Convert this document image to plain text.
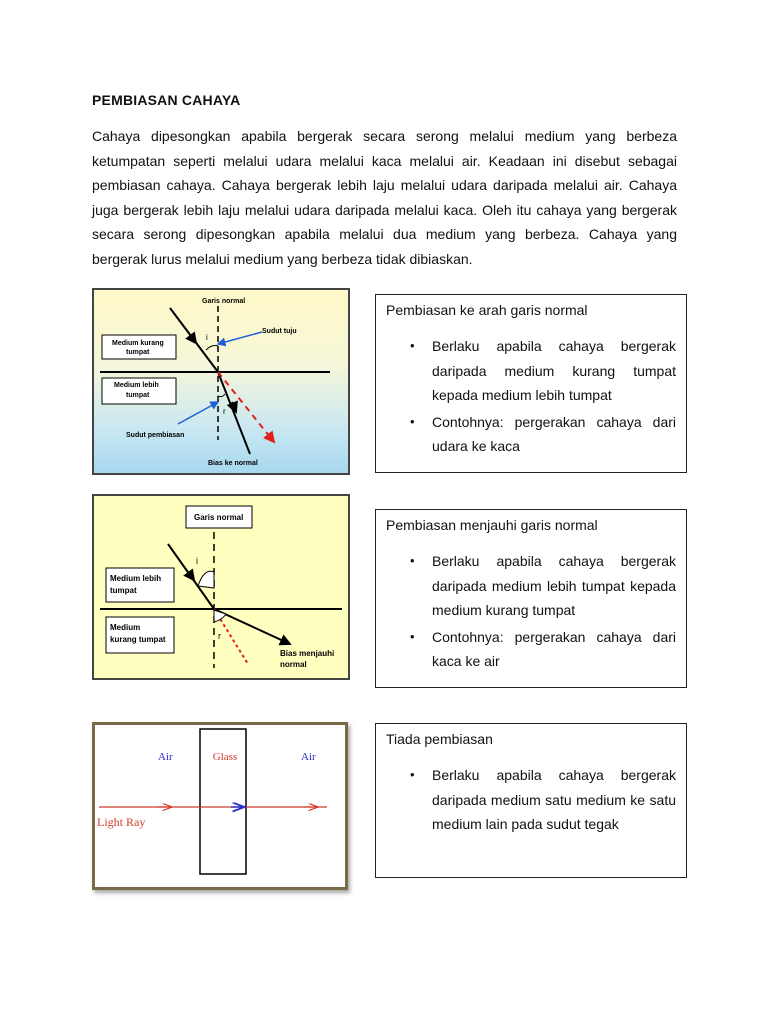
PEMBIASAN CAHAYA
Cahaya dipesongkan apabila bergerak secara serong melalui medium yang berbeza
ketumpatan seperti melalui udara melalui kaca melalui air. Keadaan ini disebut sebagai
pembiasan cahaya. Cahaya bergerak lebih laju melalui udara daripada melalui air. Cahaya
juga bergerak lebih laju melalui udara daripada melalui kaca. Oleh itu cahaya yang bergerak
secara serong dipesongkan apabila melalui dua medium yang berbeza. Cahaya yang
bergerak lurus melalui medium yang berbeza tidak dibiaskan.
Garis normal
i
Sudut tuju
Medium kurang
tumpat
Medium lebih
tumpat
r
Sudut pembiasan
Bias ke normal
Garis normal
i
Medium lebih
tumpat
Medium
kurang tumpat	r
Bias menjauhi
normal
Air	Glass	Air
Light Ray
Pembiasan ke arah garis normal
• Berlaku apabila cahaya bergerak
daripada medium kurang tumpat
kepada medium lebih tumpat
• Contohnya: pergerakan cahaya dari
udara ke kaca
Pembiasan menjauhi garis normal
• Berlaku apabila cahaya bergerak
daripada medium lebih tumpat kepada
medium kurang tumpat
• Contohnya: pergerakan cahaya dari
kaca ke air
Tiada pembiasan
• Berlaku apabila cahaya bergerak
daripada medium satu medium ke satu
medium lain pada sudut tegak
